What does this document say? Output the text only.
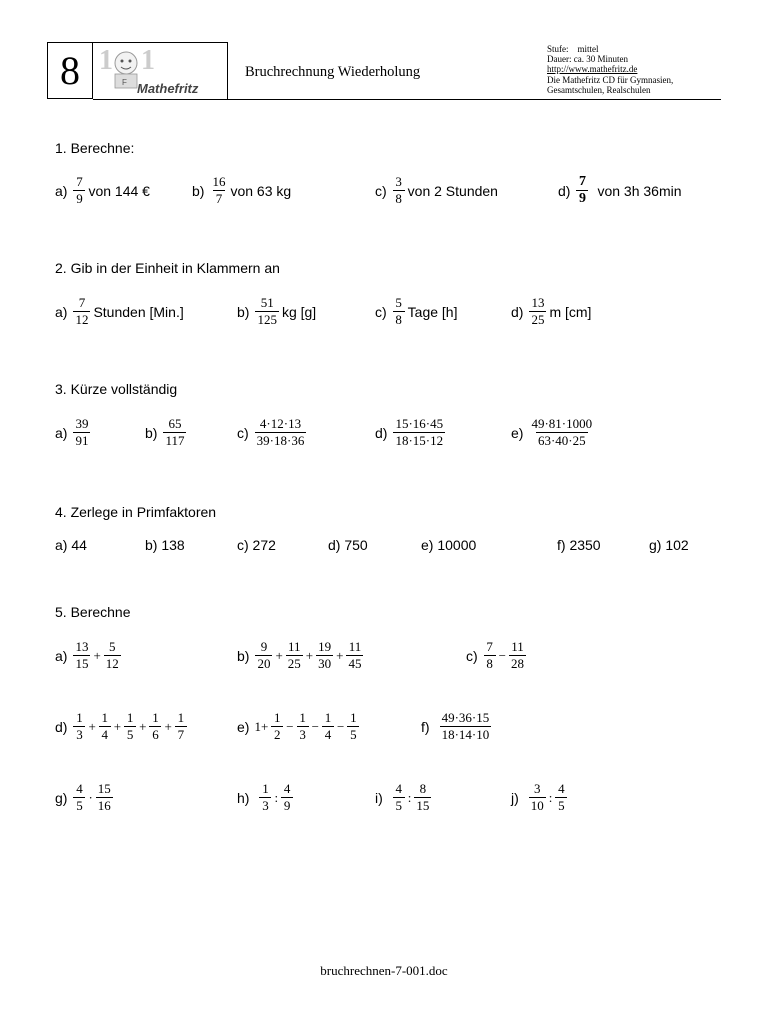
8 1
F
1
Mathefritz
Bruchrechnung Wiederholung
Stufe:    mittel
Dauer: ca. 30 Minuten
http://www.mathefritz.de
Die Mathefritz CD für Gymnasien,
Gesamtschulen, Realschulen
1. Berechne:
$a) \frac{7}{9}$ von 144 €	$b) \frac{16}{7}$ von 63 kg	$c) \frac{3}{8}$ von 2 Stunden	$d) \frac{7}{9}$ von 3h 36min
2. Gib in der Einheit in Klammern an
$a) \frac{7}{12}$ Stunden [Min.]	$b) \frac{51}{125}$ kg [g]	$c) \frac{5}{8}$ Tage [h]	$d) \frac{13}{25}$ m [cm]
3. Kürze vollständig
$a) \frac{39}{91}$	$b) \frac{65}{117}$	$c) \frac{4\cdot 12\cdot 13}{39\cdot 18\cdot 36}$	$d) \frac{15\cdot 16\cdot 45}{18\cdot 15\cdot 12}$	$e) \frac{49\cdot 81\cdot 1000}{63\cdot 40\cdot 25}$
4. Zerlege in Primfaktoren
a) 44	b) 138	c) 272	d) 750	e) 10000	f) 2350	g) 102
5. Berechne
$a) \frac{13}{15} + \frac{5}{12}$	$b) \frac{9}{20} + \frac{11}{25} + \frac{19}{30} + \frac{11}{45}$	$c) \frac{7}{8} - \frac{11}{28}$
$d) \frac{1}{3} + \frac{1}{4} + \frac{1}{5} + \frac{1}{6} + \frac{1}{7}$	e) $1+ \frac{1}{2} - \frac{1}{3} - \frac{1}{4} - \frac{1}{5}$	$f) \frac{49\cdot 36\cdot 15}{18\cdot 14\cdot 10}$
$g) \frac{4}{5} \cdot \frac{15}{16}$	$h) \frac{1}{3}$ : $\frac{4}{9}$	$i) \frac{4}{5}$ : $\frac{8}{15}$	$j) \frac{3}{10}$ : $\frac{4}{5}$
bruchrechnen-7-001.doc
